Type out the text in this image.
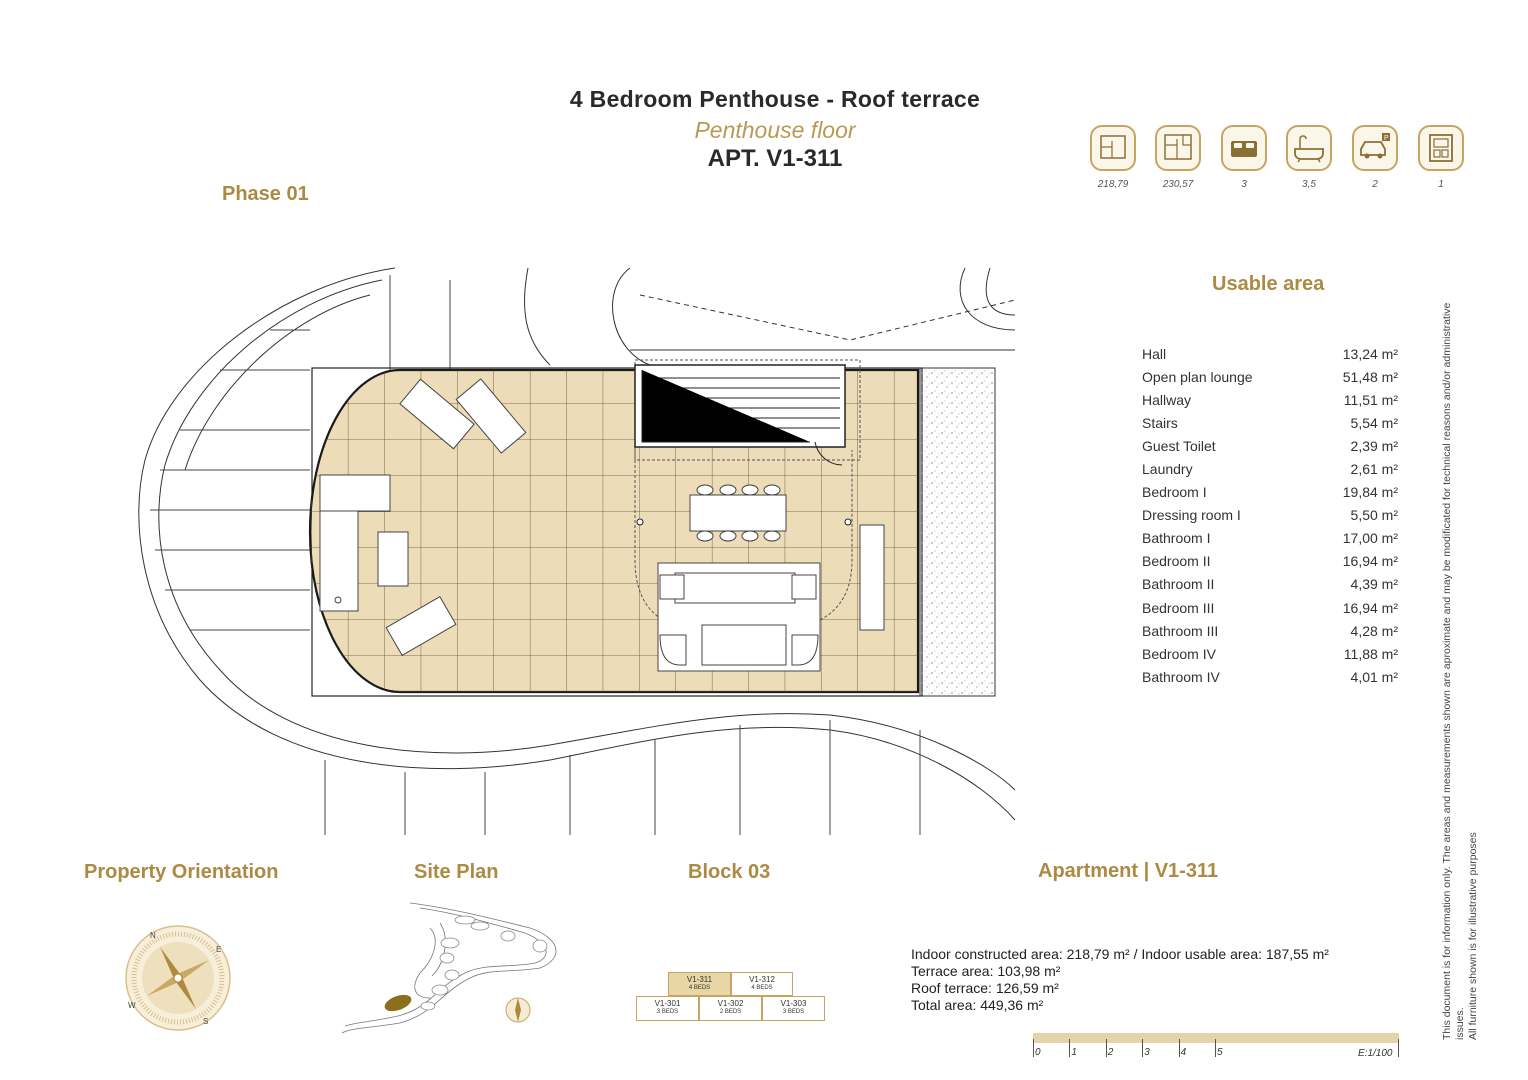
4 Bedroom Penthouse - Roof terrace
Penthouse floor
APT. V1-311
Phase 01	218,79	230,57	3	3,5
P
2	1
Usable area
Hall	13,24 m²
Open plan lounge	51,48 m²
Hallway	11,51 m²
Stairs	5,54 m²
Guest Toilet	2,39 m²
Laundry	2,61 m²
Bedroom I	19,84 m²
Dressing room I	5,50 m²
Bathroom I	17,00 m²
Bedroom II	16,94 m²
Bathroom II	4,39 m²
Bedroom III	16,94 m²
Bathroom III	4,28 m²
Bedroom IV	11,88 m²
Bathroom IV	4,01 m²	This document is for information only. The areas and measurements shown are aproximate and may be modificated for technical reasons and/or administrative issues. All furniture shown is for illustrative purposes
Property Orientation	Site Plan	Block 03	Apartment | V1-311
N
E
S
W
V1-311
4 BEDS
V1-312
4 BEDS
V1-301
3 BEDS
V1-302
2 BEDS
V1-303
3 BEDS
Indoor constructed area: 218,79 m² / Indoor usable area: 187,55 m²
Terrace area: 103,98 m²
Roof terrace: 126,59 m²
Total area: 449,36 m²
0	1	2	3	4	5	E:1/100
